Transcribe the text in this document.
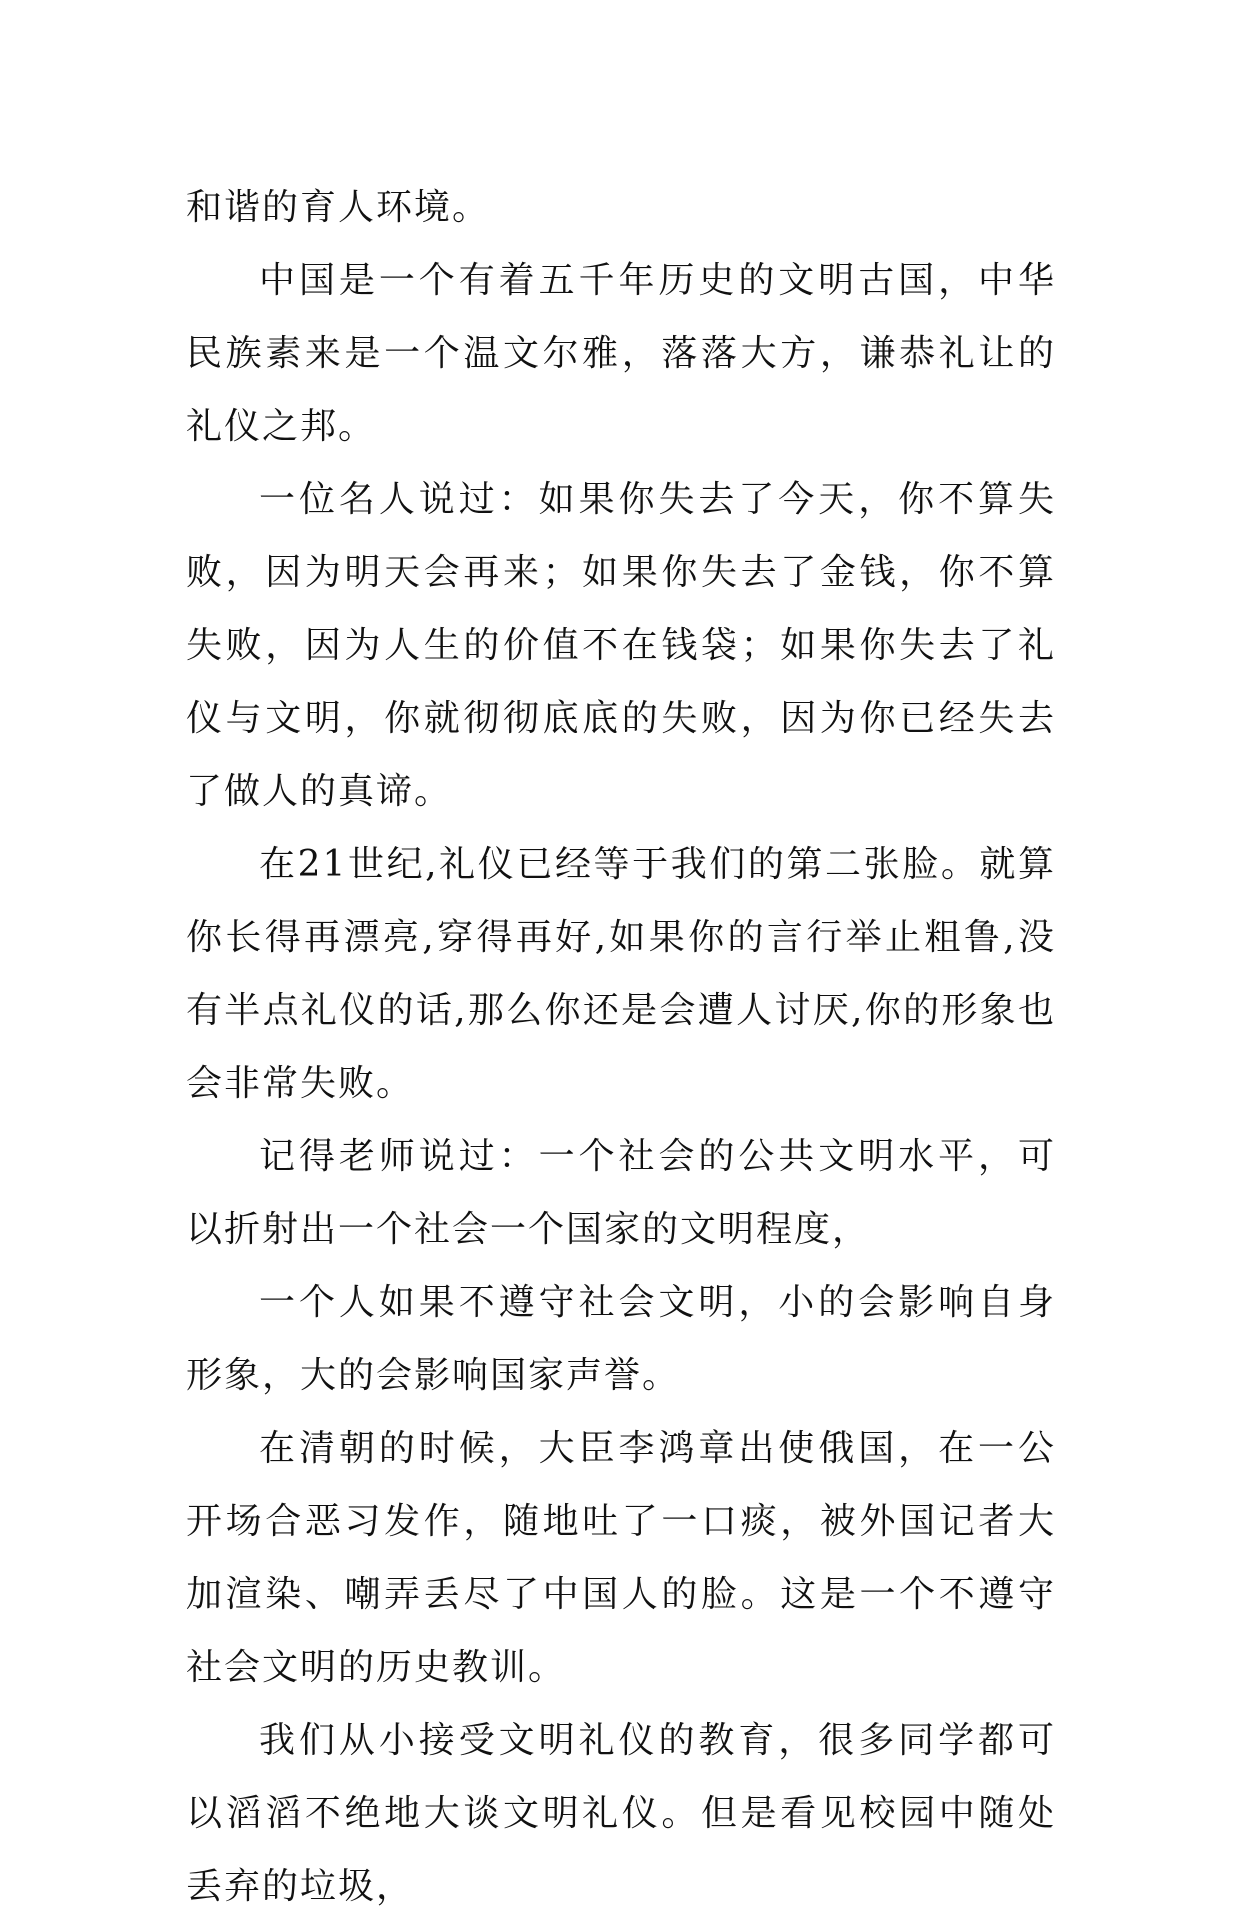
和谐的育人环境。

中国是一个有着五千年历史的文明古国，中华民族素来是一个温文尔雅，落落大方，谦恭礼让的礼仪之邦。

一位名人说过：如果你失去了今天，你不算失败，因为明天会再来；如果你失去了金钱，你不算失败，因为人生的价值不在钱袋；如果你失去了礼仪与文明，你就彻彻底底的失败，因为你已经失去了做人的真谛。

在21世纪,礼仪已经等于我们的第二张脸。就算你长得再漂亮,穿得再好,如果你的言行举止粗鲁,没有半点礼仪的话,那么你还是会遭人讨厌,你的形象也会非常失败。

记得老师说过：一个社会的公共文明水平，可以折射出一个社会一个国家的文明程度，

一个人如果不遵守社会文明，小的会影响自身形象，大的会影响国家声誉。

在清朝的时候，大臣李鸿章出使俄国，在一公开场合恶习发作，随地吐了一口痰，被外国记者大加渲染、嘲弄丢尽了中国人的脸。这是一个不遵守社会文明的历史教训。

我们从小接受文明礼仪的教育，很多同学都可以滔滔不绝地大谈文明礼仪。但是看见校园中随处丢弃的垃圾，
